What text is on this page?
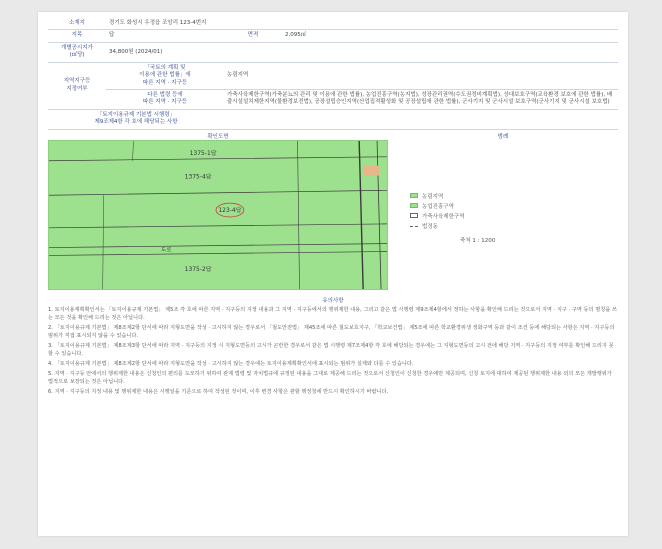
소재지	경기도 화성시 우정읍 조암리 123-4번지		
지목	답	면적	2,095㎡
개별공시지가
(㎡당)	34,800원 (2024/01)		
지역지구등
지정여부	「국토의 계획 및
이용에 관한 법률」에
따른 지역 · 지구등	농림지역	
	다른 법령 등에
따른 지역 · 지구등	가축사육제한구역(가축분뇨의 관리 및 이용에 관한 법률), 농업진흥구역(농지법), 성장관리권역(수도권정비계획법), 상대보호구역(교육환경 보호에 관한 법률), 배출시설설치제한지역(물환경보전법), 공장설립승인지역(산업집적활성화 및 공장설립에 관한 법률), 군사기지 및 군사시설 보호구역(군사기지 및 군사시설 보호법)	
「토지이용규제 기본법 시행령」
제9조제4항 각 호에 해당되는 사항			
확인도면	범례
1375-1답
1375-4답
123-4답
도로
1375-2답
농림지역
농업진흥구역
가축사육제한구역
법정동
축척 1 : 1200
유의사항

1. 토지이용계획확인서는 「토지이용규제 기본법」 제5조 각 호에 따른 지역 · 지구등의 지정 내용과 그 지역 · 지구등에서의 행위제한 내용, 그리고 같은 법 시행령 제9조제4항에서 정하는 사항을 확인해 드리는 것으로서 지역 · 지구 · 구역 등의 명칭을 쓰는 모든 것을 확인해 드리는 것은 아닙니다.

2. 「토지이용규제 기본법」 제8조제2항 단서에 따라 지형도면을 작성 · 고시하지 않는 경우로서 「철도안전법」 제45조에 따른 철도보호지구, 「학교보건법」 제5조에 따른 학교환경위생 정화구역 등과 같이 조건 등에 해당되는 사항은 지역 · 지구등의 범위가 직접 표시되지 않을 수 있습니다.

3. 「토지이용규제 기본법」 제8조제3항 단서에 따라 지역 · 지구등의 지정 시 지형도면등의 고시가 곤란한 경우로서 같은 법 시행령 제7조제4항 각 호에 해당되는 경우에는 그 지형도면등의 고시 전에 해당 지역 · 지구등의 지정 여부를 확인해 드리지 못할 수 있습니다.

4. 「토지이용규제 기본법」 제8조제2항 단서에 따라 지형도면을 작성 · 고시하지 않는 경우에는 토지이용계획확인서에 표시되는 범위가 실제와 다를 수 있습니다.

5. 지역 · 지구등 안에서의 행위제한 내용은 신청인의 편의를 도모하기 위하여 관계 법령 및 자치법규에 규정된 내용을 그대로 제공해 드리는 것으로서 신청인이 신청한 경우에만 제공되며, 신청 토지에 대하여 제공된 행위제한 내용 외의 모든 개발행위가 법적으로 보장되는 것은 아닙니다.

6. 지역 · 지구등의 지정 내용 및 행위제한 내용은 시행일을 기준으로 하여 작성된 것이며, 이후 변경 사항은 관할 행정청에 반드시 확인하시기 바랍니다.
